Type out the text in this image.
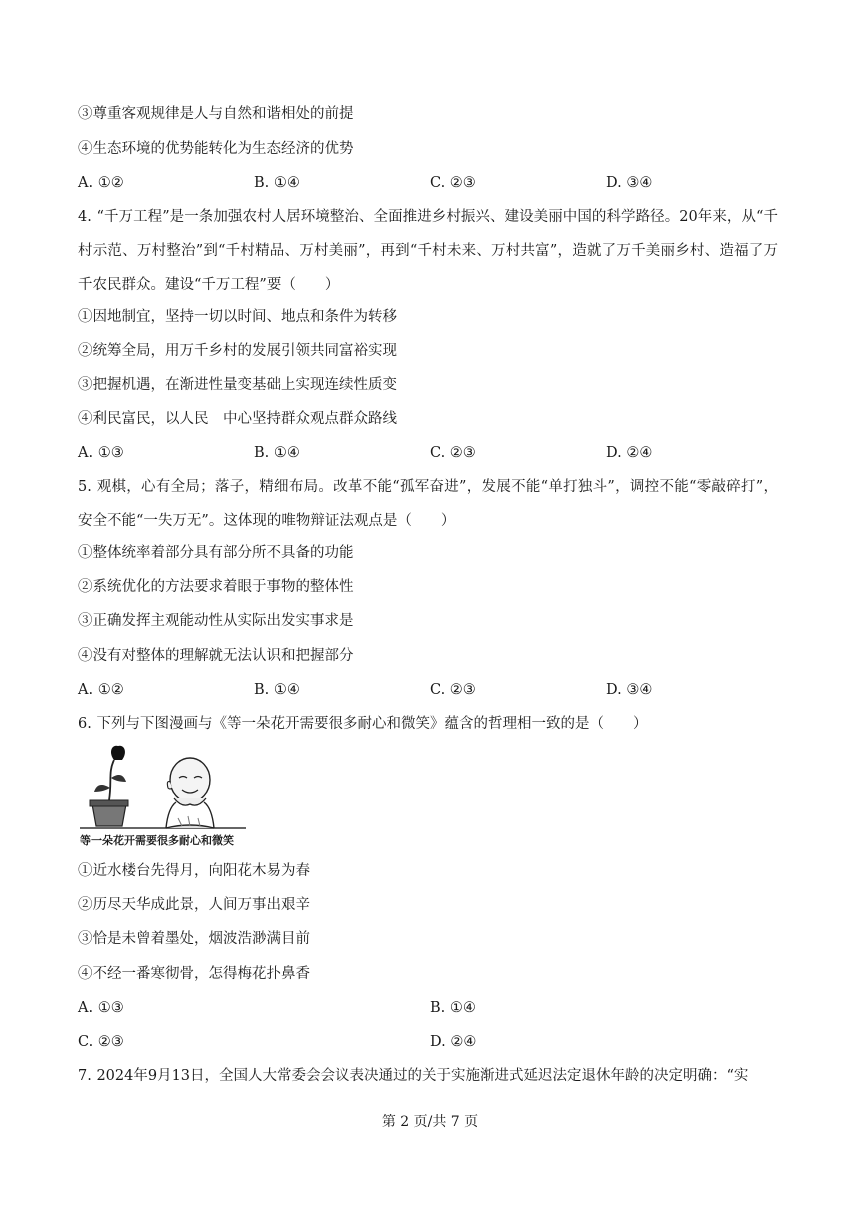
③尊重客观规律是人与自然和谐相处的前提
④生态环境的优势能转化为生态经济的优势
A. ①②	B. ①④	C. ②③	D. ③④
4. “千万工程”是一条加强农村人居环境整治、全面推进乡村振兴、建设美丽中国的科学路径。20年来，从“千村示范、万村整治”到“千村精品、万村美丽”，再到“千村未来、万村共富”，造就了万千美丽乡村、造福了万千农民群众。建设“千万工程”要（　　）
①因地制宜，坚持一切以时间、地点和条件为转移
②统筹全局，用万千乡村的发展引领共同富裕实现
③把握机遇，在渐进性量变基础上实现连续性质变
④利民富民，以人民　中心坚持群众观点群众路线
A. ①③	B. ①④	C. ②③	D. ②④
5. 观棋，心有全局；落子，精细布局。改革不能“孤军奋进”，发展不能“单打独斗”，调控不能“零敲碎打”，安全不能“一失万无”。这体现的唯物辩证法观点是（　　）
①整体统率着部分具有部分所不具备的功能
②系统优化的方法要求着眼于事物的整体性
③正确发挥主观能动性从实际出发实事求是
④没有对整体的理解就无法认识和把握部分
A. ①②	B. ①④	C. ②③	D. ③④
6. 下列与下图漫画与《等一朵花开需要很多耐心和微笑》蕴含的哲理相一致的是（　　）
等一朵花开需要很多耐心和微笑
①近水楼台先得月，向阳花木易为春
②历尽天华成此景，人间万事出艰辛
③恰是未曾着墨处，烟波浩渺满目前
④不经一番寒彻骨，怎得梅花扑鼻香
A. ①③	B. ①④
C. ②③	D. ②④
7. 2024年9月13日，全国人大常委会会议表决通过的关于实施渐进式延迟法定退休年龄的决定明确：“实
第 2 页/共 7 页
